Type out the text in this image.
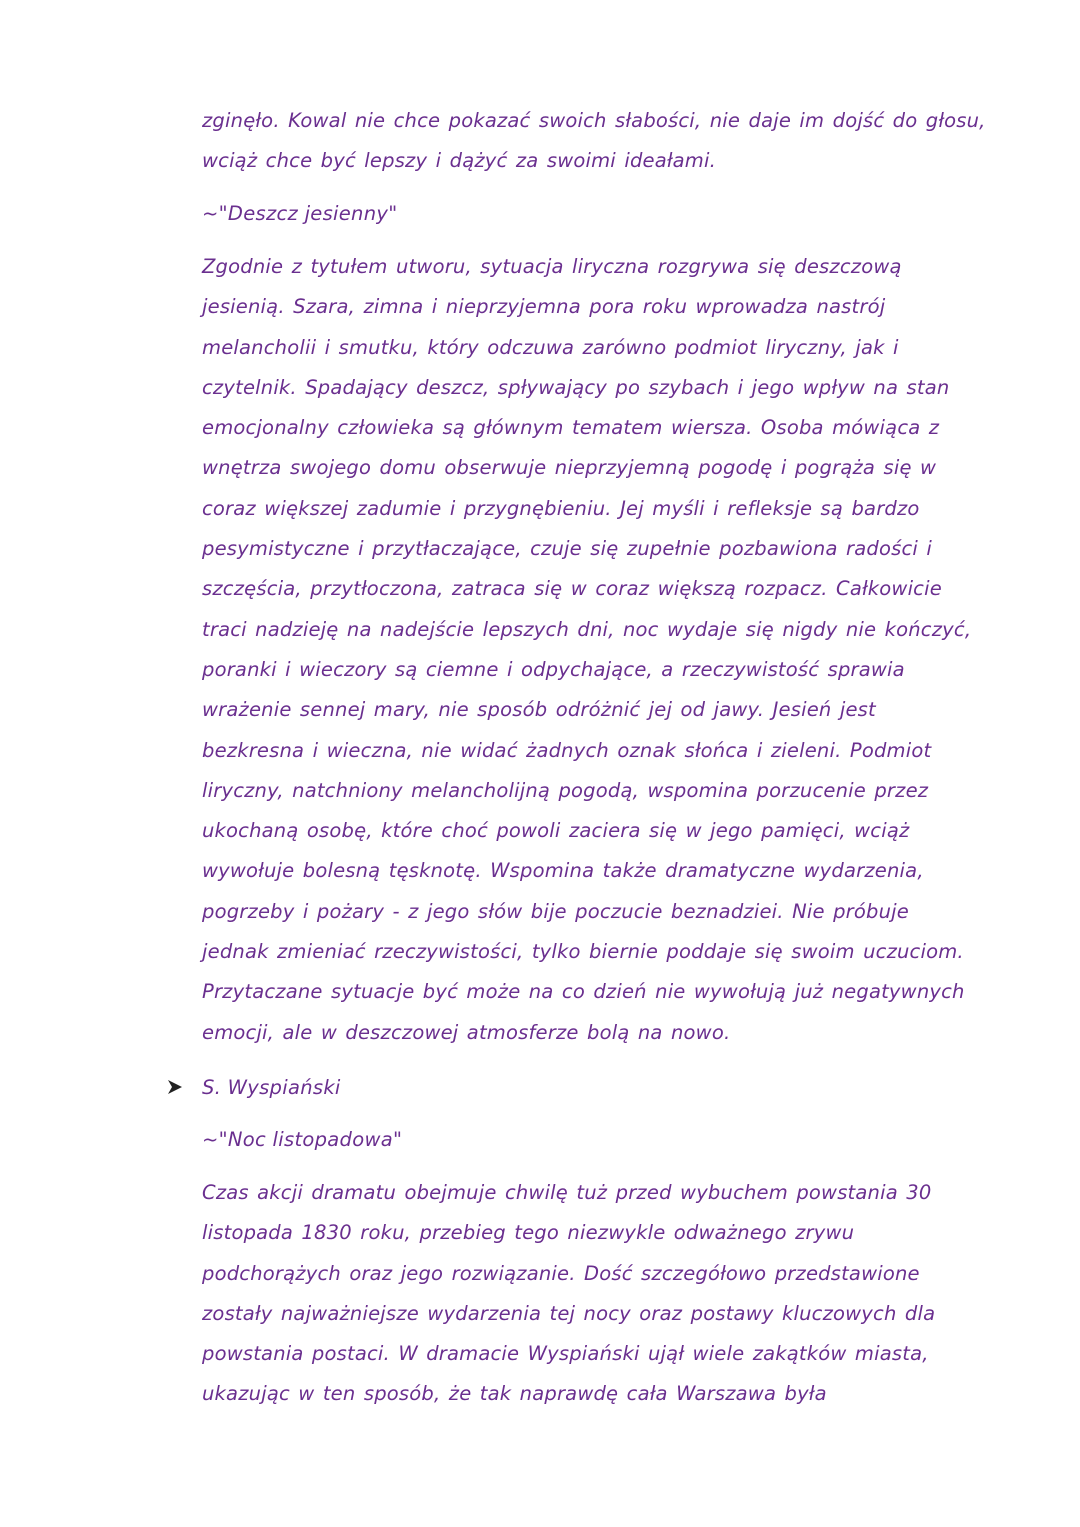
zginęło. Kowal nie chce pokazać swoich słabości, nie daje im dojść do głosu,
wciąż chce być lepszy i dążyć za swoimi ideałami.
~"Deszcz jesienny"
Zgodnie z tytułem utworu, sytuacja liryczna rozgrywa się deszczową
jesienią. Szara, zimna i nieprzyjemna pora roku wprowadza nastrój
melancholii i smutku, który odczuwa zarówno podmiot liryczny, jak i
czytelnik. Spadający deszcz, spływający po szybach i jego wpływ na stan
emocjonalny człowieka są głównym tematem wiersza. Osoba mówiąca z
wnętrza swojego domu obserwuje nieprzyjemną pogodę i pogrąża się w
coraz większej zadumie i przygnębieniu. Jej myśli i refleksje są bardzo
pesymistyczne i przytłaczające, czuje się zupełnie pozbawiona radości i
szczęścia, przytłoczona, zatraca się w coraz większą rozpacz. Całkowicie
traci nadzieję na nadejście lepszych dni, noc wydaje się nigdy nie kończyć,
poranki i wieczory są ciemne i odpychające, a rzeczywistość sprawia
wrażenie sennej mary, nie sposób odróżnić jej od jawy. Jesień jest
bezkresna i wieczna, nie widać żadnych oznak słońca i zieleni. Podmiot
liryczny, natchniony melancholijną pogodą, wspomina porzucenie przez
ukochaną osobę, które choć powoli zaciera się w jego pamięci, wciąż
wywołuje bolesną tęsknotę. Wspomina także dramatyczne wydarzenia,
pogrzeby i pożary - z jego słów bije poczucie beznadziei. Nie próbuje
jednak zmieniać rzeczywistości, tylko biernie poddaje się swoim uczuciom.
Przytaczane sytuacje być może na co dzień nie wywołują już negatywnych
emocji, ale w deszczowej atmosferze bolą na nowo.
S. Wyspiański
~"Noc listopadowa"
Czas akcji dramatu obejmuje chwilę tuż przed wybuchem powstania 30
listopada 1830 roku, przebieg tego niezwykle odważnego zrywu
podchorążych oraz jego rozwiązanie. Dość szczegółowo przedstawione
zostały najważniejsze wydarzenia tej nocy oraz postawy kluczowych dla
powstania postaci. W dramacie Wyspiański ujął wiele zakątków miasta,
ukazując w ten sposób, że tak naprawdę cała Warszawa była
